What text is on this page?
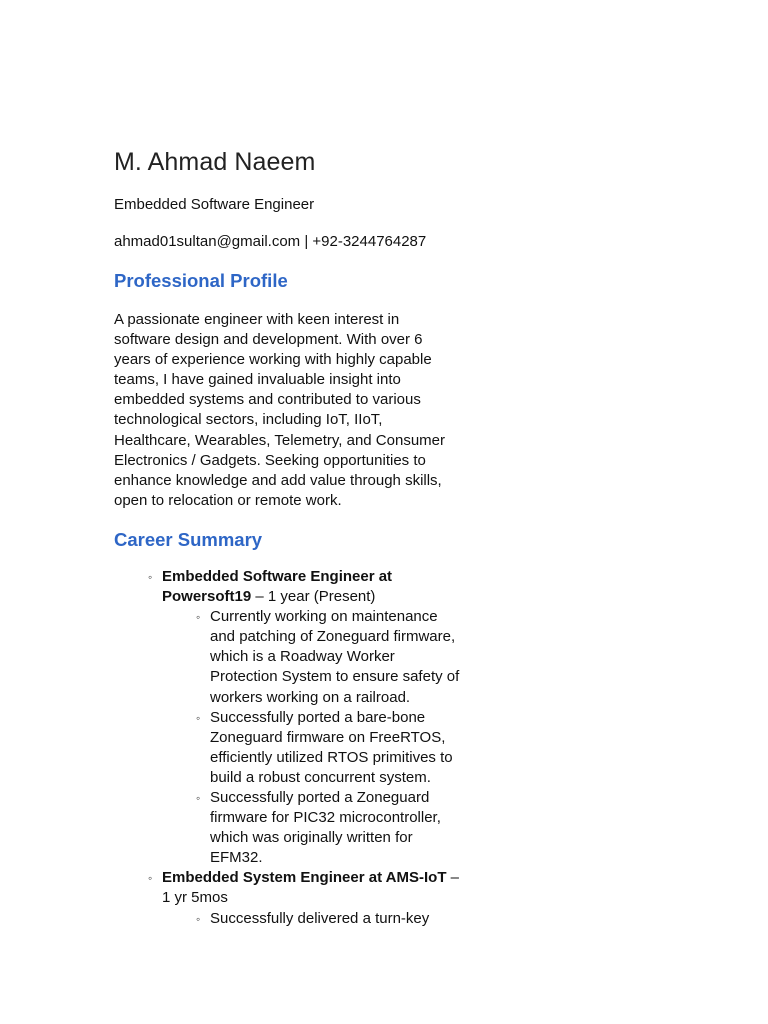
M. Ahmad Naeem

Embedded Software Engineer

ahmad01sultan@gmail.com | +92-3244764287

Professional Profile

A passionate engineer with keen interest in software design and development. With over 6 years of experience working with highly capable teams, I have gained invaluable insight into embedded systems and contributed to various technological sectors, including IoT, IIoT, Healthcare, Wearables, Telemetry, and Consumer Electronics / Gadgets. Seeking opportunities to enhance knowledge and add value through skills, open to relocation or remote work.

Career Summary
◦ Embedded Software Engineer at Powersoft19 – 1 year (Present)
◦ Currently working on maintenance and patching of Zoneguard firmware, which is a Roadway Worker Protection System to ensure safety of workers working on a railroad.
◦ Successfully ported a bare-bone Zoneguard firmware on FreeRTOS, efficiently utilized RTOS primitives to build a robust concurrent system.
◦ Successfully ported a Zoneguard firmware for PIC32 microcontroller, which was originally written for EFM32.
◦ Embedded System Engineer at AMS-IoT – 1 yr 5mos
◦ Successfully delivered a turn-key
